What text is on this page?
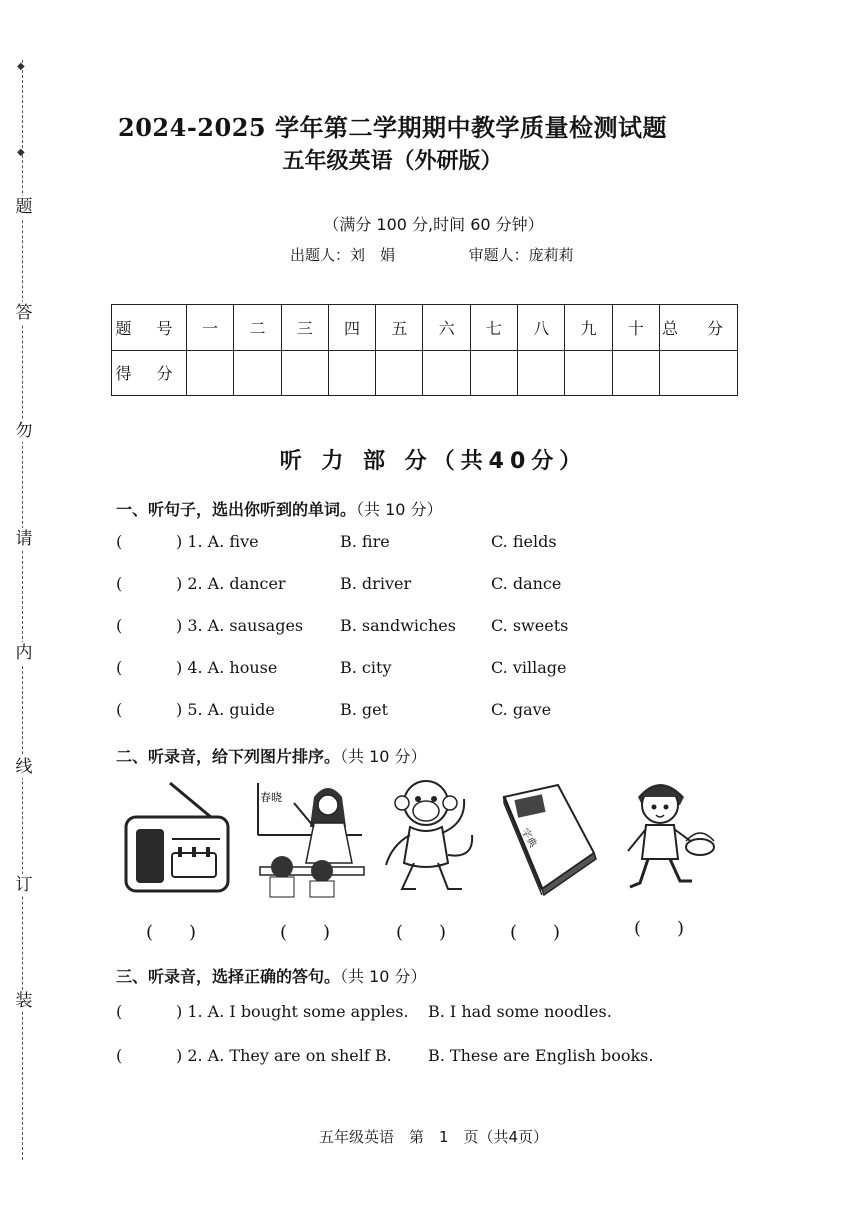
◆
◆
题
答
勿
请
内
线
订
装
2024-2025 学年第二学期期中教学质量检测试题
五年级英语（外研版）
（满分 100 分,时间 60 分钟）
出题人：刘　娟	审题人：庞莉莉
题 号	一	二	三	四	五	六	七	八	九	十	总 分
得 分											
听 力 部 分（共40分）
一、听句子，选出你听到的单词。（共 10 分）
(	) 1. A. five	B. fire	C. fields
(	) 2. A. dancer	B. driver	C. dance
(	) 3. A. sausages B. sandwiches C. sweets
(	) 4. A. house	B. city	C. village
(	) 5. A. guide	B. get	C. gave
二、听录音，给下列图片排序。（共 10 分）
春晓
字典
(　　)	(　　)	(　　)	(　　)	(　　)
三、听录音，选择正确的答句。（共 10 分）
(	) 1. A. I bought some apples. B. I had some noodles.
(	) 2. A. They are on shelf B. B. These are English books.
五年级英语　第　1　页（共4页）
